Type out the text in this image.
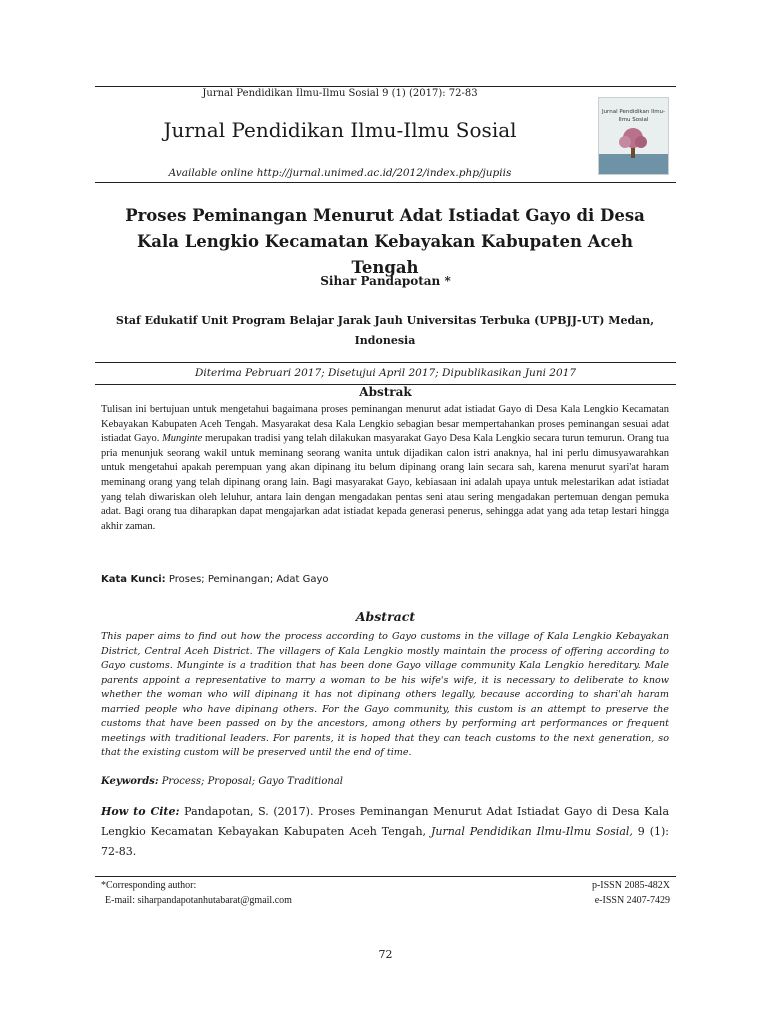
Jurnal Pendidikan Ilmu-Ilmu Sosial 9 (1) (2017): 72-83
Jurnal Pendidikan Ilmu-Ilmu Sosial
Available online http://jurnal.unimed.ac.id/2012/index.php/jupiis
Jurnal Pendidikan Ilmu-Ilmu Sosial
Proses Peminangan Menurut Adat Istiadat Gayo di Desa Kala Lengkio Kecamatan Kebayakan Kabupaten Aceh Tengah
Sihar Pandapotan *
Staf Edukatif Unit Program Belajar Jarak Jauh Universitas Terbuka (UPBJJ-UT) Medan, Indonesia
Diterima Pebruari 2017; Disetujui April 2017; Dipublikasikan Juni 2017
Abstrak

Tulisan ini bertujuan untuk mengetahui bagaimana proses peminangan menurut adat istiadat Gayo di Desa Kala Lengkio Kecamatan Kebayakan Kabupaten Aceh Tengah. Masyarakat desa Kala Lengkio sebagian besar mempertahankan proses peminangan sesuai adat istiadat Gayo. Munginte merupakan tradisi yang telah dilakukan masyarakat Gayo Desa Kala Lengkio secara turun temurun. Orang tua pria menunjuk seorang wakil untuk meminang seorang wanita untuk dijadikan calon istri anaknya, hal ini perlu dimusyawarahkan untuk mengetahui apakah perempuan yang akan dipinang itu belum dipinang orang lain secara sah, karena menurut syari'at haram meminang orang yang telah dipinang orang lain. Bagi masyarakat Gayo, kebiasaan ini adalah upaya untuk melestarikan adat istiadat yang telah diwariskan oleh leluhur, antara lain dengan mengadakan pentas seni atau sering mengadakan pertemuan dengan pemuka adat. Bagi orang tua diharapkan dapat mengajarkan adat istiadat kepada generasi penerus, sehingga adat yang ada tetap lestari hingga akhir zaman.

Kata Kunci: Proses; Peminangan; Adat Gayo
Abstract

This paper aims to find out how the process according to Gayo customs in the village of Kala Lengkio Kebayakan District, Central Aceh District. The villagers of Kala Lengkio mostly maintain the process of offering according to Gayo customs. Munginte is a tradition that has been done Gayo village community Kala Lengkio hereditary. Male parents appoint a representative to marry a woman to be his wife's wife, it is necessary to deliberate to know whether the woman who will dipinang it has not dipinang others legally, because according to shari'ah haram married people who have dipinang others. For the Gayo community, this custom is an attempt to preserve the customs that have been passed on by the ancestors, among others by performing art performances or frequent meetings with traditional leaders. For parents, it is hoped that they can teach customs to the next generation, so that the existing custom will be preserved until the end of time.

Keywords: Process; Proposal; Gayo Traditional

How to Cite: Pandapotan, S. (2017). Proses Peminangan Menurut Adat Istiadat Gayo di Desa Kala Lengkio Kecamatan Kebayakan Kabupaten Aceh Tengah, Jurnal Pendidikan Ilmu-Ilmu Sosial, 9 (1): 72-83.

*Corresponding author:
E-mail: siharpandapotanhutabarat@gmail.com
p-ISSN 2085-482X
e-ISSN 2407-7429
72
